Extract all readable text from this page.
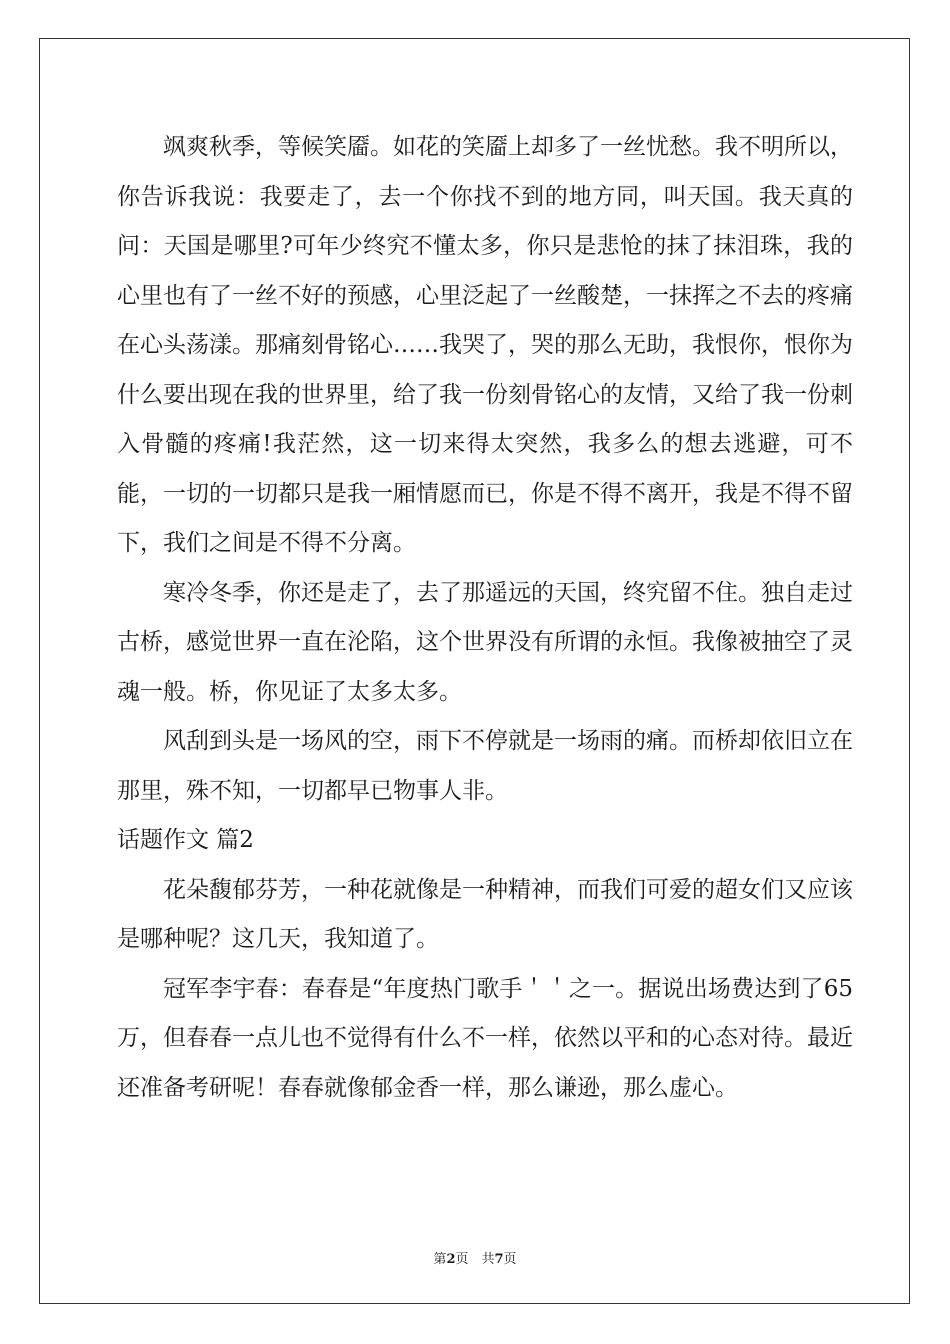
飒爽秋季，等候笑靥。如花的笑靥上却多了一丝忧愁。我不明所以，你告诉我说：我要走了，去一个你找不到的地方同，叫天国。我天真的问：天国是哪里?可年少终究不懂太多，你只是悲怆的抹了抹泪珠，我的心里也有了一丝不好的预感，心里泛起了一丝酸楚，一抹挥之不去的疼痛在心头荡漾。那痛刻骨铭心……我哭了，哭的那么无助，我恨你，恨你为什么要出现在我的世界里，给了我一份刻骨铭心的友情，又给了我一份刺入骨髓的疼痛!我茫然，这一切来得太突然，我多么的想去逃避，可不能，一切的一切都只是我一厢情愿而已，你是不得不离开，我是不得不留下，我们之间是不得不分离。

寒冷冬季，你还是走了，去了那遥远的天国，终究留不住。独自走过古桥，感觉世界一直在沦陷，这个世界没有所谓的永恒。我像被抽空了灵魂一般。桥，你见证了太多太多。

风刮到头是一场风的空，雨下不停就是一场雨的痛。而桥却依旧立在那里，殊不知，一切都早已物事人非。

话题作文 篇2

花朵馥郁芬芳，一种花就像是一种精神，而我们可爱的超女们又应该是哪种呢？这几天，我知道了。

冠军李宇春：春春是“年度热门歌手＇＇之一。据说出场费达到了65万，但春春一点儿也不觉得有什么不一样，依然以平和的心态对待。最近还准备考研呢！春春就像郁金香一样，那么谦逊，那么虚心。

第2页　共7页
